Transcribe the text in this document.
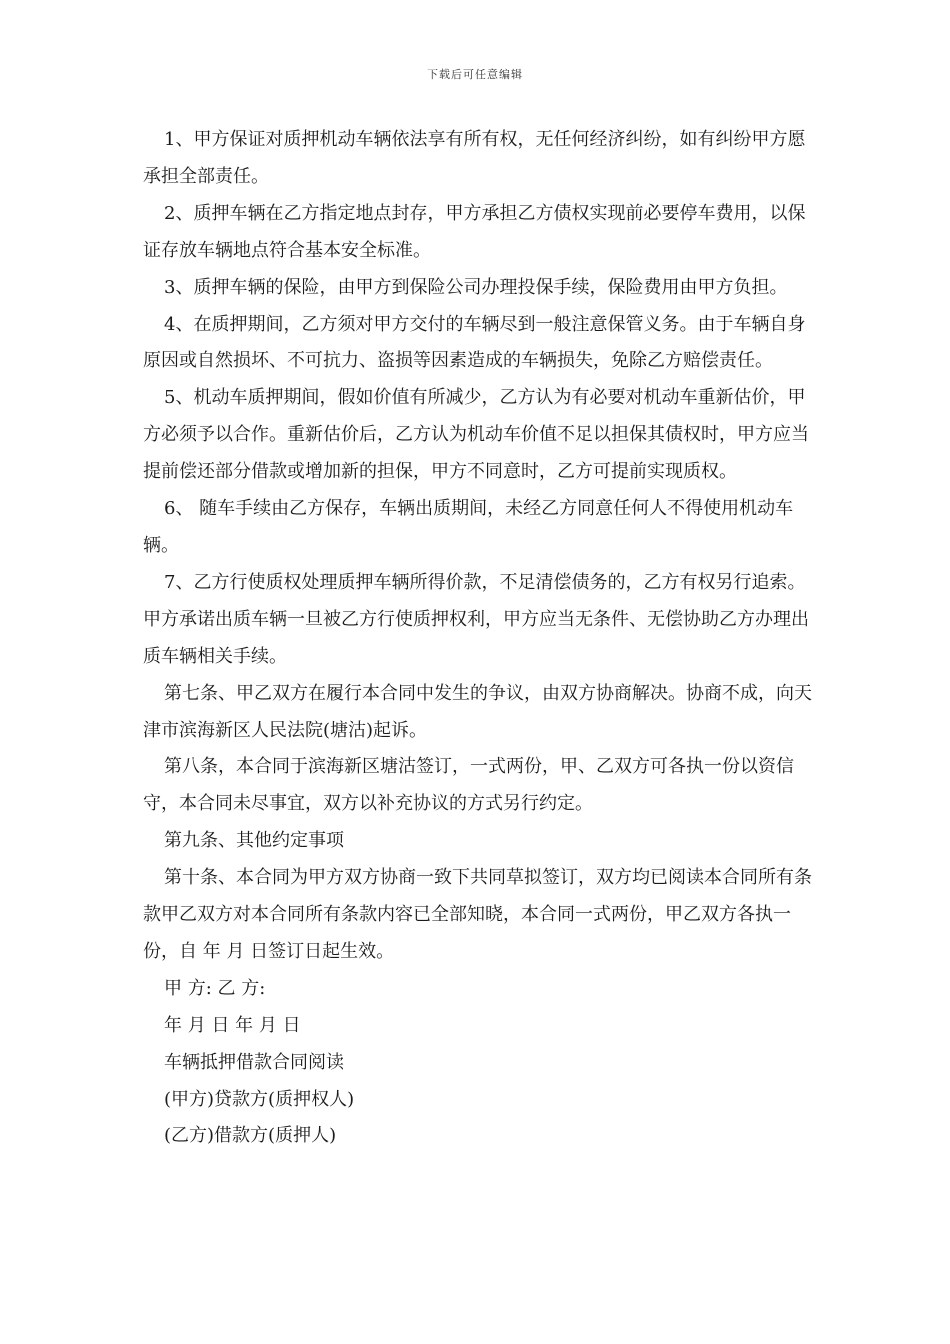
下载后可任意编辑

1、甲方保证对质押机动车辆依法享有所有权，无任何经济纠纷，如有纠纷甲方愿承担全部责任。

2、质押车辆在乙方指定地点封存，甲方承担乙方债权实现前必要停车费用，以保证存放车辆地点符合基本安全标准。

3、质押车辆的保险，由甲方到保险公司办理投保手续，保险费用由甲方负担。

4、在质押期间，乙方须对甲方交付的车辆尽到一般注意保管义务。由于车辆自身原因或自然损坏、不可抗力、盗损等因素造成的车辆损失，免除乙方赔偿责任。

5、机动车质押期间，假如价值有所减少，乙方认为有必要对机动车重新估价，甲方必须予以合作。重新估价后，乙方认为机动车价值不足以担保其债权时，甲方应当提前偿还部分借款或增加新的担保，甲方不同意时，乙方可提前实现质权。

6、 随车手续由乙方保存，车辆出质期间，未经乙方同意任何人不得使用机动车辆。

7、乙方行使质权处理质押车辆所得价款，不足清偿债务的，乙方有权另行追索。甲方承诺出质车辆一旦被乙方行使质押权利，甲方应当无条件、无偿协助乙方办理出质车辆相关手续。

第七条、甲乙双方在履行本合同中发生的争议，由双方协商解决。协商不成，向天津市滨海新区人民法院(塘沽)起诉。

第八条，本合同于滨海新区塘沽签订，一式两份，甲、乙双方可各执一份以资信守，本合同未尽事宜，双方以补充协议的方式另行约定。

第九条、其他约定事项

第十条、本合同为甲方双方协商一致下共同草拟签订，双方均已阅读本合同所有条款甲乙双方对本合同所有条款内容已全部知晓，本合同一式两份，甲乙双方各执一份，自 年 月 日签订日起生效。

甲 方: 乙 方:

年 月 日 年 月 日

车辆抵押借款合同阅读

(甲方)贷款方(质押权人)

(乙方)借款方(质押人)
